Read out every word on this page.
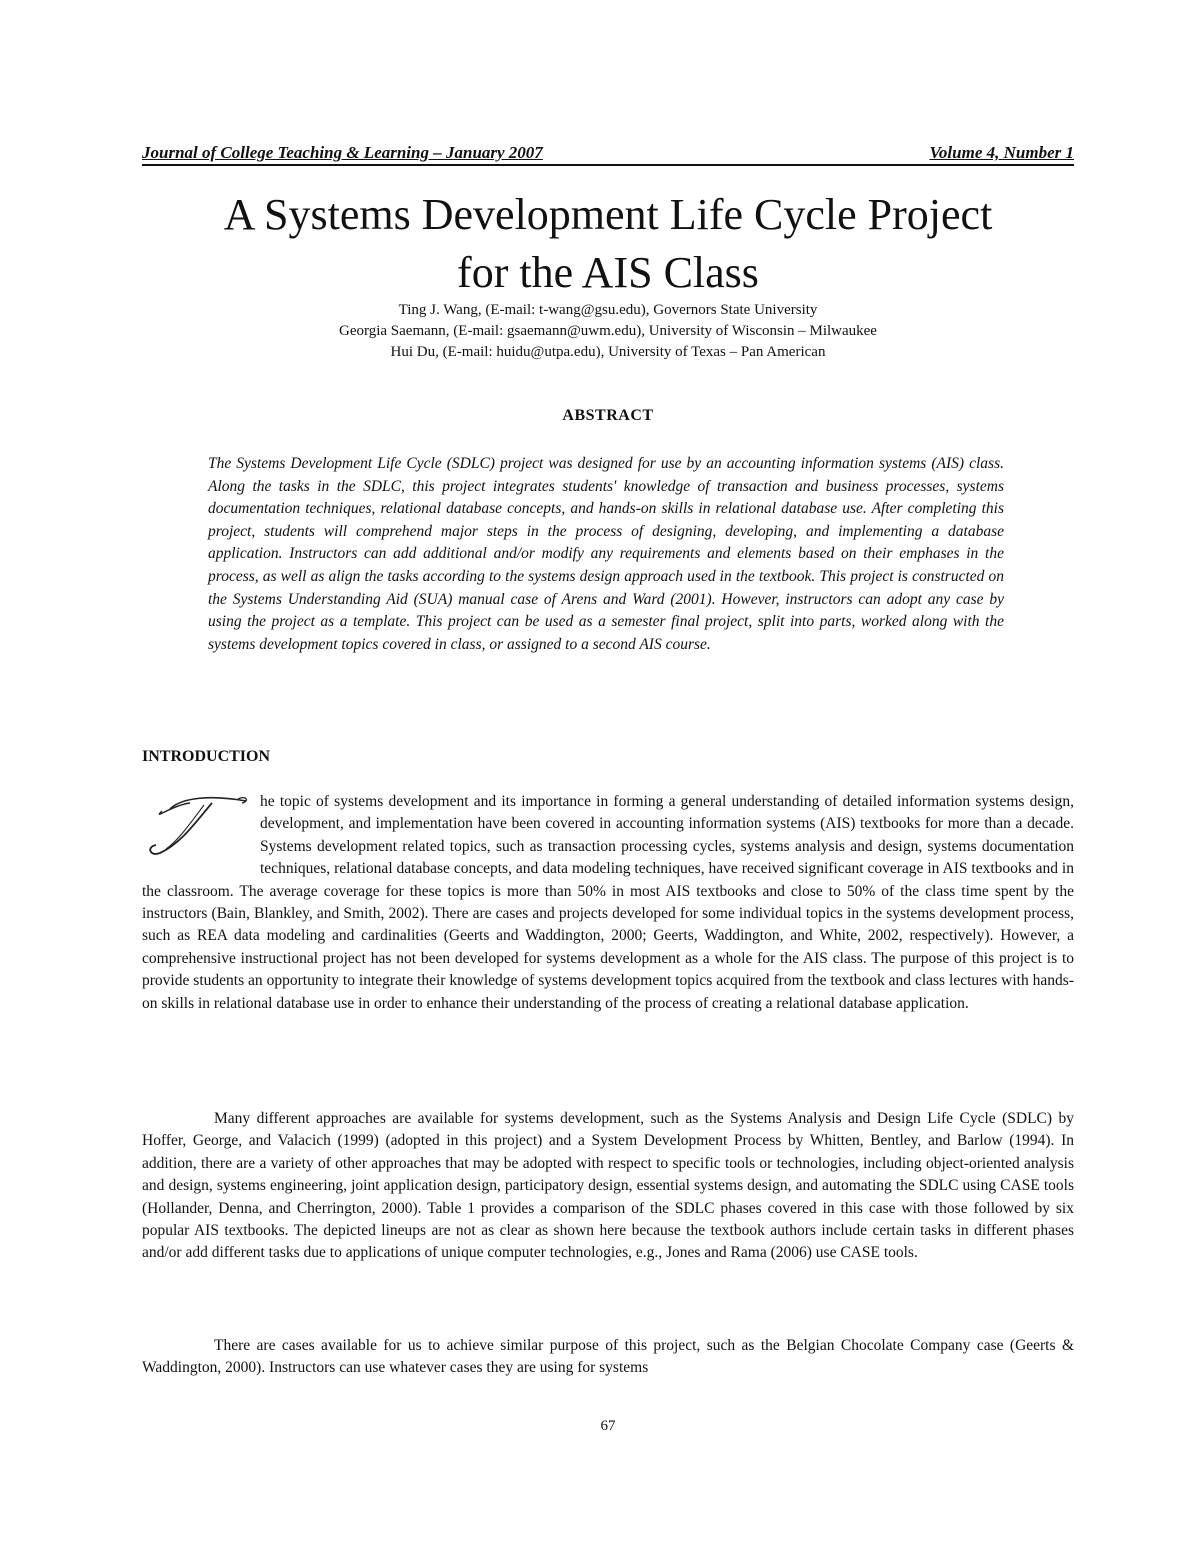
Journal of College Teaching & Learning – January 2007	Volume 4, Number 1
A Systems Development Life Cycle Project
for the AIS Class
Ting J. Wang, (E-mail: t-wang@gsu.edu), Governors State University
Georgia Saemann, (E-mail: gsaemann@uwm.edu), University of Wisconsin – Milwaukee
Hui Du, (E-mail: huidu@utpa.edu), University of Texas – Pan American
ABSTRACT
The Systems Development Life Cycle (SDLC) project was designed for use by an accounting information systems (AIS) class. Along the tasks in the SDLC, this project integrates students' knowledge of transaction and business processes, systems documentation techniques, relational database concepts, and hands-on skills in relational database use. After completing this project, students will comprehend major steps in the process of designing, developing, and implementing a database application. Instructors can add additional and/or modify any requirements and elements based on their emphases in the process, as well as align the tasks according to the systems design approach used in the textbook. This project is constructed on the Systems Understanding Aid (SUA) manual case of Arens and Ward (2001). However, instructors can adopt any case by using the project as a template. This project can be used as a semester final project, split into parts, worked along with the systems development topics covered in class, or assigned to a second AIS course.
INTRODUCTION
he topic of systems development and its importance in forming a general understanding of detailed information systems design, development, and implementation have been covered in accounting information systems (AIS) textbooks for more than a decade. Systems development related topics, such as transaction processing cycles, systems analysis and design, systems documentation techniques, relational database concepts, and data modeling techniques, have received significant coverage in AIS textbooks and in the classroom. The average coverage for these topics is more than 50% in most AIS textbooks and close to 50% of the class time spent by the instructors (Bain, Blankley, and Smith, 2002). There are cases and projects developed for some individual topics in the systems development process, such as REA data modeling and cardinalities (Geerts and Waddington, 2000; Geerts, Waddington, and White, 2002, respectively). However, a comprehensive instructional project has not been developed for systems development as a whole for the AIS class. The purpose of this project is to provide students an opportunity to integrate their knowledge of systems development topics acquired from the textbook and class lectures with hands-on skills in relational database use in order to enhance their understanding of the process of creating a relational database application.

Many different approaches are available for systems development, such as the Systems Analysis and Design Life Cycle (SDLC) by Hoffer, George, and Valacich (1999) (adopted in this project) and a System Development Process by Whitten, Bentley, and Barlow (1994). In addition, there are a variety of other approaches that may be adopted with respect to specific tools or technologies, including object-oriented analysis and design, systems engineering, joint application design, participatory design, essential systems design, and automating the SDLC using CASE tools (Hollander, Denna, and Cherrington, 2000). Table 1 provides a comparison of the SDLC phases covered in this case with those followed by six popular AIS textbooks. The depicted lineups are not as clear as shown here because the textbook authors include certain tasks in different phases and/or add different tasks due to applications of unique computer technologies, e.g., Jones and Rama (2006) use CASE tools.

There are cases available for us to achieve similar purpose of this project, such as the Belgian Chocolate Company case (Geerts & Waddington, 2000). Instructors can use whatever cases they are using for systems

67
